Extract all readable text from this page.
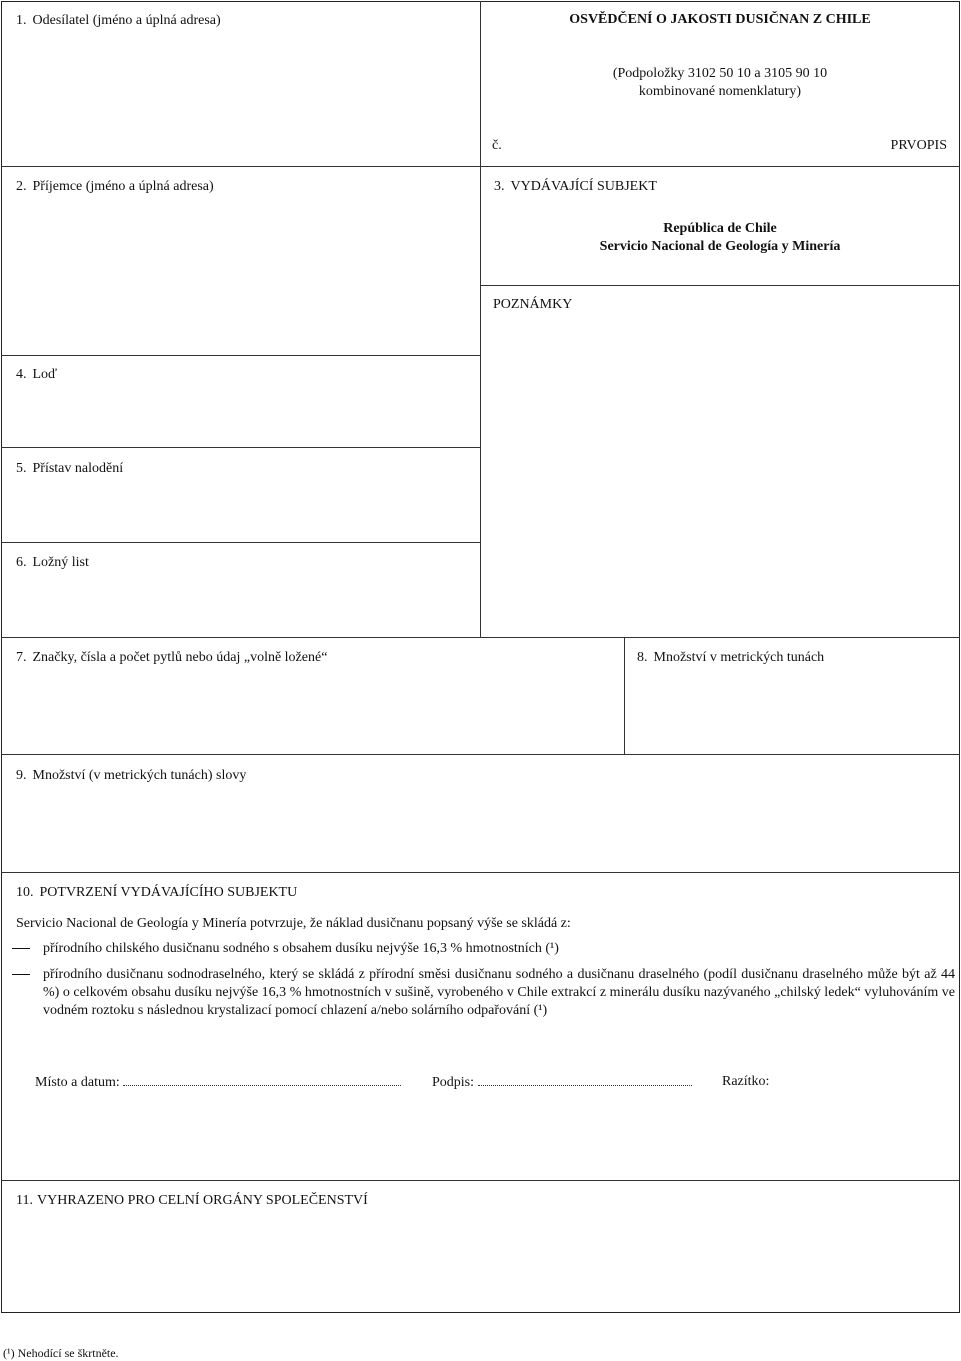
1. Odesílatel (jméno a úplná adresa)	OSVĚDČENÍ O JAKOSTI DUSIČNAN Z CHILE
(Podpoložky 3102 50 10 a 3105 90 10
kombinované nomenklatury)
č.	PRVOPIS
2. Příjemce (jméno a úplná adresa)	3. VYDÁVAJÍCÍ SUBJEKT
República de Chile
Servicio Nacional de Geología y Minería
POZNÁMKY
4. Loď
5. Přístav nalodění
6. Ložný list
7. Značky, čísla a počet pytlů nebo údaj „volně ložené“	8. Množství v metrických tunách
9. Množství (v metrických tunách) slovy
10. POTVRZENÍ VYDÁVAJÍCÍHO SUBJEKTU
Servicio Nacional de Geología y Minería potvrzuje, že náklad dusičnanu popsaný výše se skládá z:
přírodního chilského dusičnanu sodného s obsahem dusíku nejvýše 16,3 % hmotnostních (¹)
přírodního dusičnanu sodnodraselného, který se skládá z přírodní směsi dusičnanu sodného a dusičnanu draselného (podíl dusičnanu draselného může být až 44 %) o celkovém obsahu dusíku nejvýše 16,3 % hmotnostních v sušině, vyrobeného v Chile extrakcí z minerálu dusíku nazývaného „chilský ledek“ vyluhováním ve vodném roztoku s následnou krystalizací pomocí chlazení a/nebo solárního odpařování (¹)
Místo a datum:	Podpis:	Razítko:
11. VYHRAZENO PRO CELNÍ ORGÁNY SPOLEČENSTVÍ
(¹) Nehodící se škrtněte.
